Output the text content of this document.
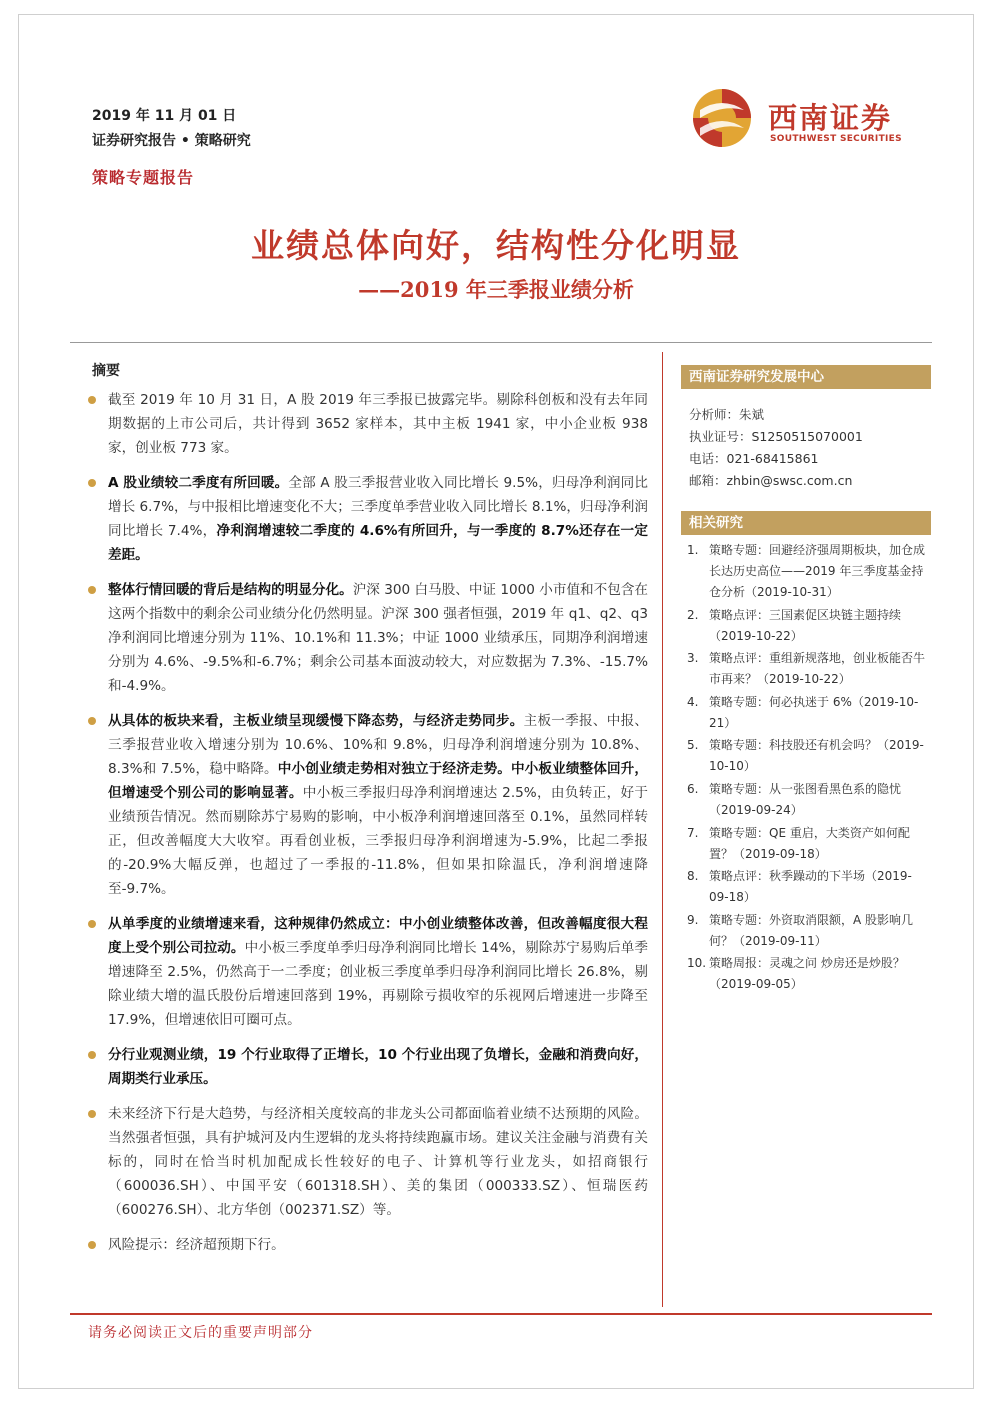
2019 年 11 月 01 日
证券研究报告 • 策略研究
策略专题报告
西南证券
SOUTHWEST SECURITIES
业绩总体向好，结构性分化明显
——2019 年三季报业绩分析
摘要
截至 2019 年 10 月 31 日，A 股 2019 年三季报已披露完毕。剔除科创板和没有去年同期数据的上市公司后，共计得到 3652 家样本，其中主板 1941 家，中小企业板 938 家，创业板 773 家。
A 股业绩较二季度有所回暖。全部 A 股三季报营业收入同比增长 9.5%，归母净利润同比增长 6.7%，与中报相比增速变化不大；三季度单季营业收入同比增长 8.1%，归母净利润同比增长 7.4%，净利润增速较二季度的 4.6%有所回升，与一季度的 8.7%还存在一定差距。
整体行情回暖的背后是结构的明显分化。沪深 300 白马股、中证 1000 小市值和不包含在这两个指数中的剩余公司业绩分化仍然明显。沪深 300 强者恒强，2019 年 q1、q2、q3 净利润同比增速分别为 11%、10.1%和 11.3%；中证 1000 业绩承压，同期净利润增速分别为 4.6%、-9.5%和-6.7%；剩余公司基本面波动较大，对应数据为 7.3%、-15.7%和-4.9%。
从具体的板块来看，主板业绩呈现缓慢下降态势，与经济走势同步。主板一季报、中报、三季报营业收入增速分别为 10.6%、10%和 9.8%，归母净利润增速分别为 10.8%、8.3%和 7.5%，稳中略降。中小创业绩走势相对独立于经济走势。中小板业绩整体回升，但增速受个别公司的影响显著。中小板三季报归母净利润增速达 2.5%，由负转正，好于业绩预告情况。然而剔除苏宁易购的影响，中小板净利润增速回落至 0.1%，虽然同样转正，但改善幅度大大收窄。再看创业板，三季报归母净利润增速为-5.9%，比起二季报的-20.9%大幅反弹，也超过了一季报的-11.8%，但如果扣除温氏，净利润增速降至-9.7%。
从单季度的业绩增速来看，这种规律仍然成立：中小创业绩整体改善，但改善幅度很大程度上受个别公司拉动。中小板三季度单季归母净利润同比增长 14%，剔除苏宁易购后单季增速降至 2.5%，仍然高于一二季度；创业板三季度单季归母净利润同比增长 26.8%，剔除业绩大增的温氏股份后增速回落到 19%，再剔除亏损收窄的乐视网后增速进一步降至 17.9%，但增速依旧可圈可点。
分行业观测业绩，19 个行业取得了正增长，10 个行业出现了负增长，金融和消费向好，周期类行业承压。
未来经济下行是大趋势，与经济相关度较高的非龙头公司都面临着业绩不达预期的风险。当然强者恒强，具有护城河及内生逻辑的龙头将持续跑赢市场。建议关注金融与消费有关标的，同时在恰当时机加配成长性较好的电子、计算机等行业龙头，如招商银行（600036.SH）、中国平安（601318.SH）、美的集团（000333.SZ）、恒瑞医药（600276.SH）、北方华创（002371.SZ）等。
风险提示：经济超预期下行。
西南证券研究发展中心
分析师：朱斌
执业证号：S1250515070001
电话：021-68415861
邮箱：zhbin@swsc.com.cn
相关研究
1. 策略专题：回避经济强周期板块，加仓成长达历史高位——2019 年三季度基金持仓分析（2019-10-31）
2. 策略点评：三国素促区块链主题持续（2019-10-22）
3. 策略点评：重组新规落地，创业板能否牛市再来？（2019-10-22）
4. 策略专题：何必执迷于 6%（2019-10-21）
5. 策略专题：科技股还有机会吗？（2019-10-10）
6. 策略专题：从一张图看黑色系的隐忧（2019-09-24）
7. 策略专题：QE 重启，大类资产如何配置？（2019-09-18）
8. 策略点评：秋季躁动的下半场（2019-09-18）
9. 策略专题：外资取消限额，A 股影响几何？（2019-09-11）
10. 策略周报：灵魂之问 炒房还是炒股？（2019-09-05）
请务必阅读正文后的重要声明部分
